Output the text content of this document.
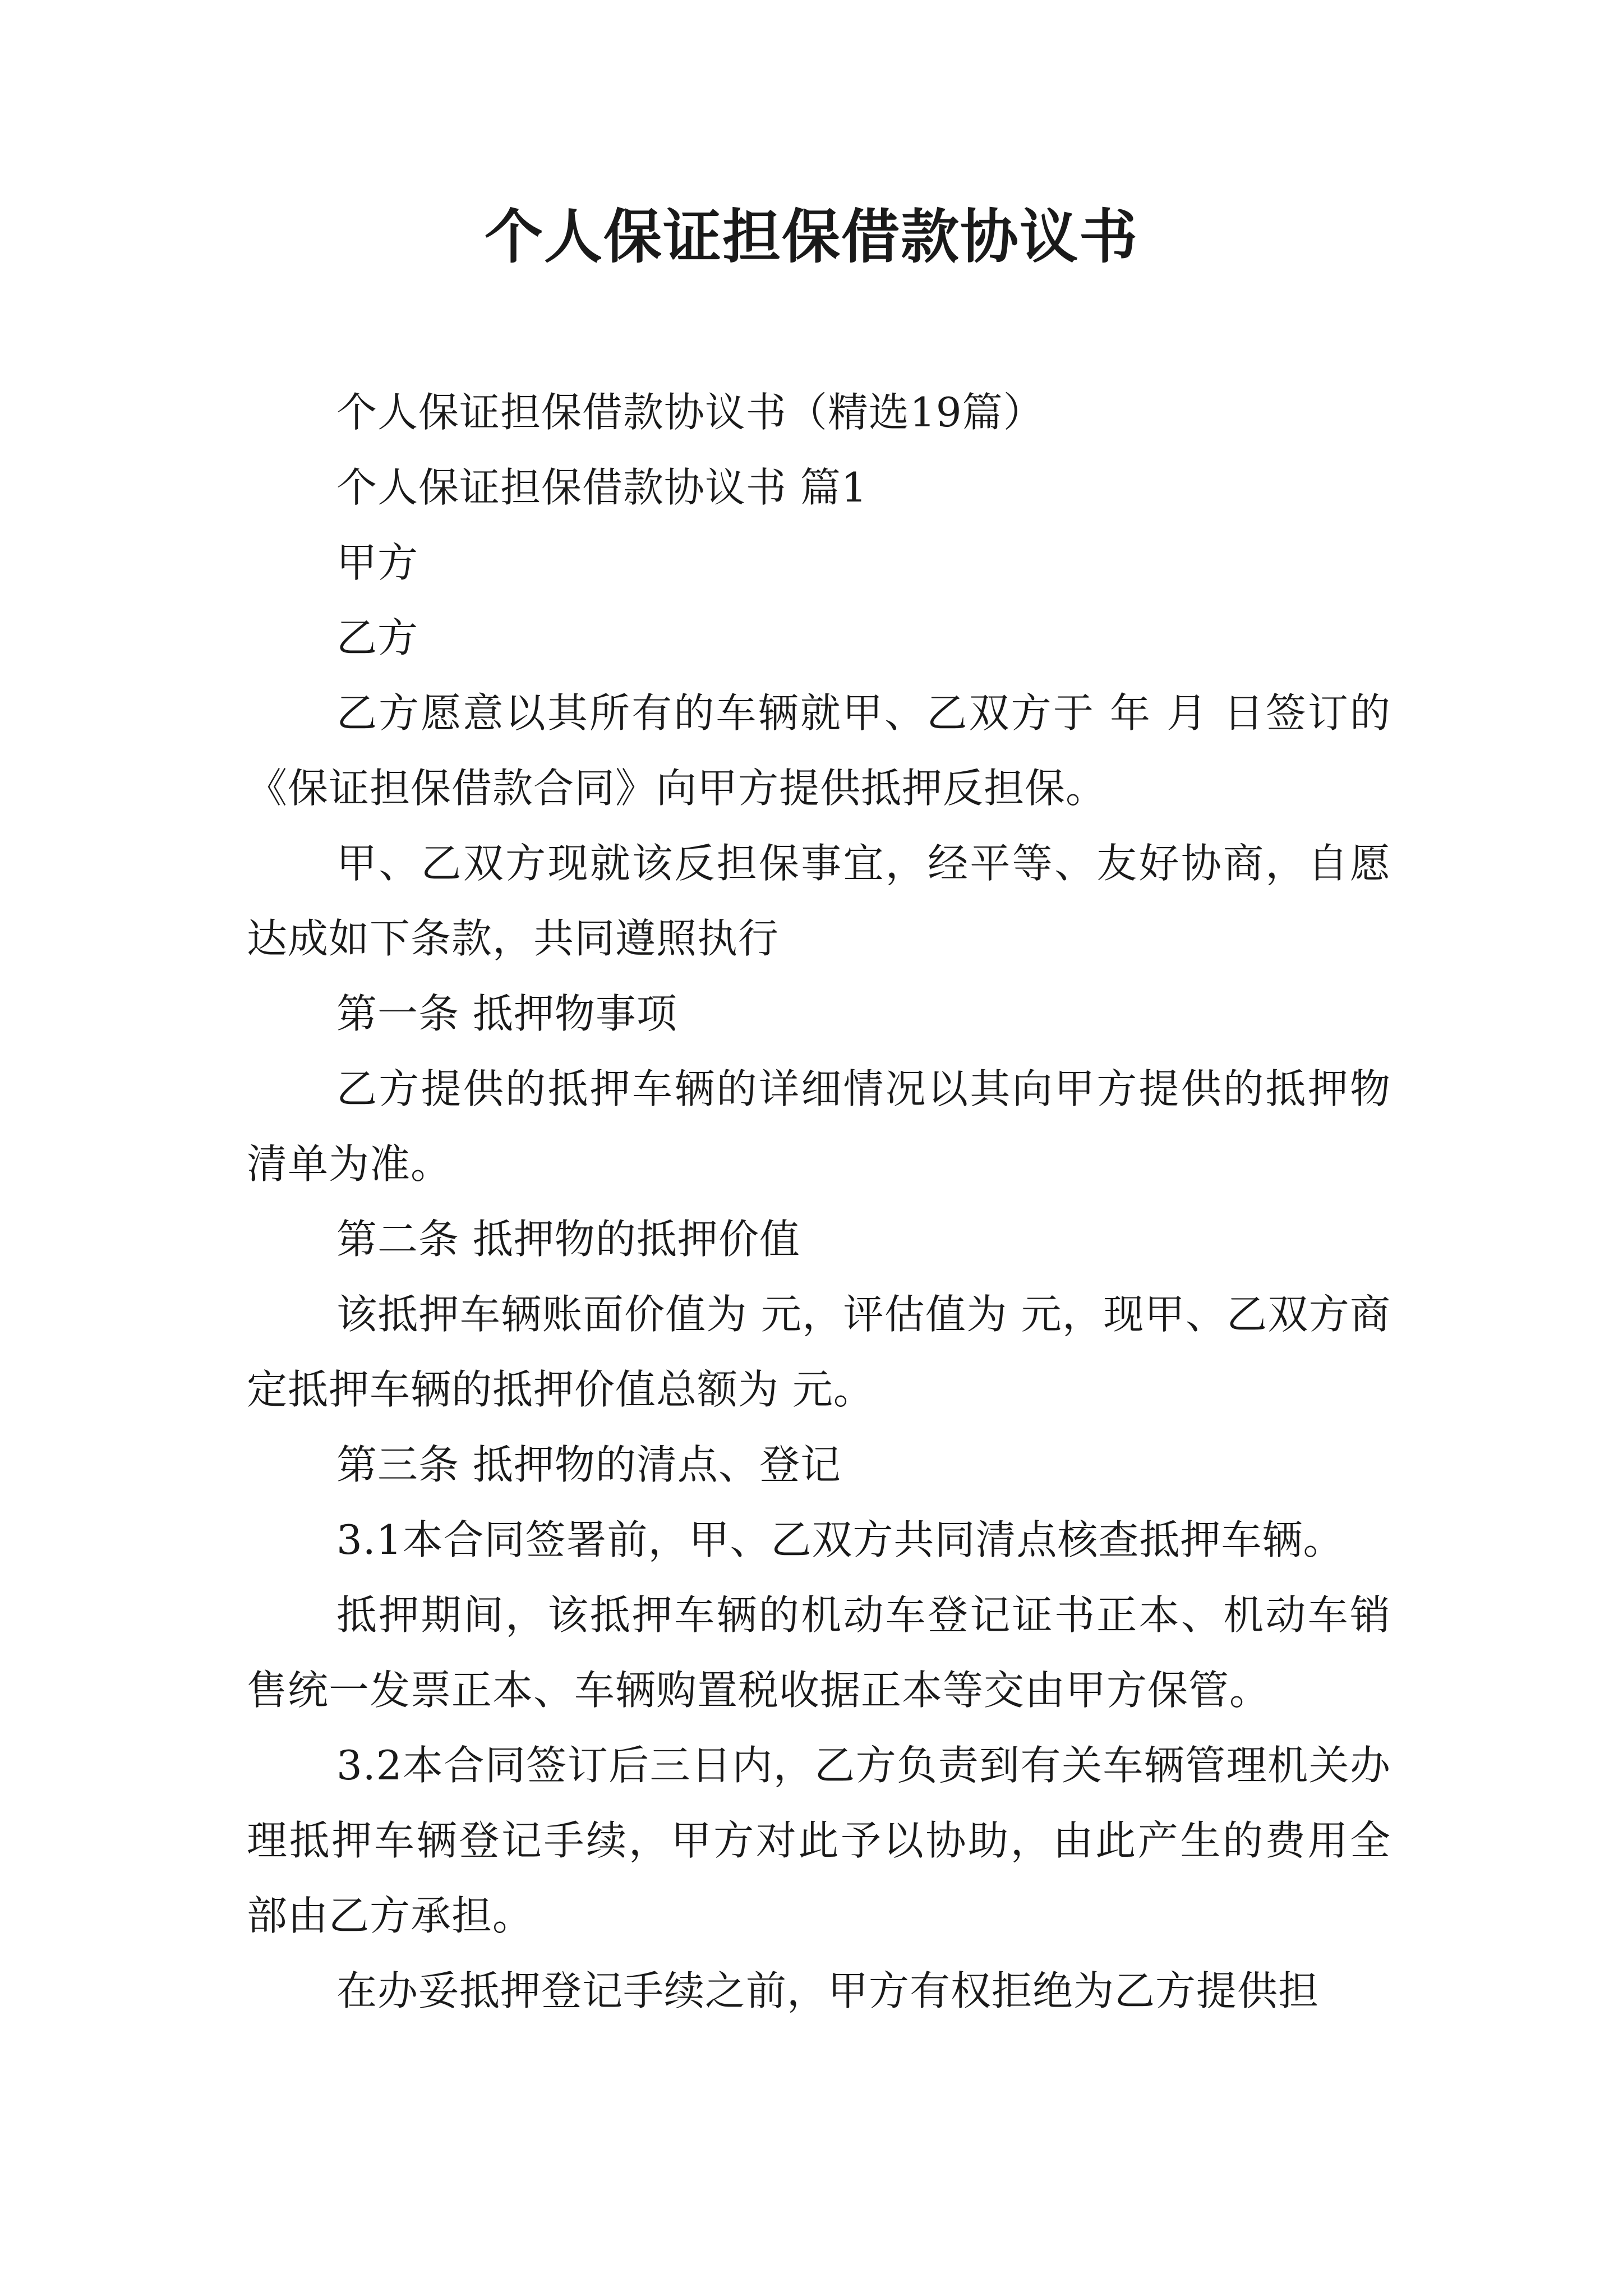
个人保证担保借款协议书

个人保证担保借款协议书（精选19篇）

个人保证担保借款协议书 篇1

甲方

乙方

乙方愿意以其所有的车辆就甲、乙双方于 年 月 日签订的《保证担保借款合同》向甲方提供抵押反担保。

甲、乙双方现就该反担保事宜，经平等、友好协商，自愿达成如下条款，共同遵照执行

第一条 抵押物事项

乙方提供的抵押车辆的详细情况以其向甲方提供的抵押物清单为准。

第二条 抵押物的抵押价值

该抵押车辆账面价值为 元，评估值为 元，现甲、乙双方商定抵押车辆的抵押价值总额为 元。

第三条 抵押物的清点、登记

3.1本合同签署前，甲、乙双方共同清点核查抵押车辆。

抵押期间，该抵押车辆的机动车登记证书正本、机动车销售统一发票正本、车辆购置税收据正本等交由甲方保管。

3.2本合同签订后三日内，乙方负责到有关车辆管理机关办理抵押车辆登记手续，甲方对此予以协助，由此产生的费用全部由乙方承担。

在办妥抵押登记手续之前，甲方有权拒绝为乙方提供担
